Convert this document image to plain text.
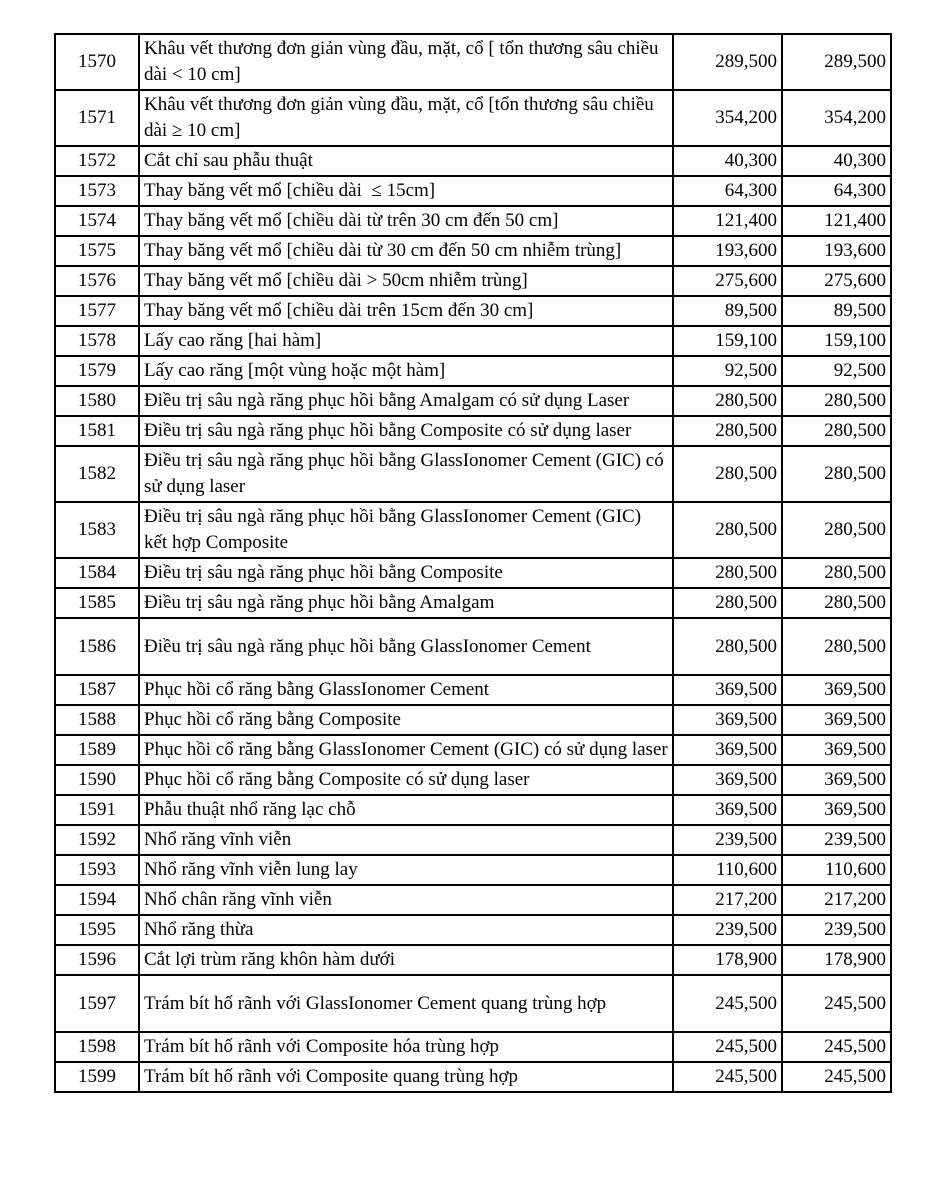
1570	Khâu vết thương đơn giản vùng đầu, mặt, cổ [ tổn thương sâu chiều dài < 10 cm]	289,500	289,500
1571	Khâu vết thương đơn giản vùng đầu, mặt, cổ [tổn thương sâu chiều dài ≥ 10 cm]	354,200	354,200
1572	Cắt chỉ sau phẫu thuật	40,300	40,300
1573	Thay băng vết mổ [chiều dài  ≤ 15cm]	64,300	64,300
1574	Thay băng vết mổ [chiều dài từ trên 30 cm đến 50 cm]	121,400	121,400
1575	Thay băng vết mổ [chiều dài từ 30 cm đến 50 cm nhiễm trùng]	193,600	193,600
1576	Thay băng vết mổ [chiều dài > 50cm nhiễm trùng]	275,600	275,600
1577	Thay băng vết mổ [chiều dài trên 15cm đến 30 cm]	89,500	89,500
1578	Lấy cao răng [hai hàm]	159,100	159,100
1579	Lấy cao răng [một vùng hoặc một hàm]	92,500	92,500
1580	Điều trị sâu ngà răng phục hồi bằng Amalgam có sử dụng Laser	280,500	280,500
1581	Điều trị sâu ngà răng phục hồi bằng Composite có sử dụng laser	280,500	280,500
1582	Điều trị sâu ngà răng phục hồi bằng GlassIonomer Cement (GIC) có sử dụng laser	280,500	280,500
1583	Điều trị sâu ngà răng phục hồi bằng GlassIonomer Cement (GIC) kết hợp Composite	280,500	280,500
1584	Điều trị sâu ngà răng phục hồi bằng Composite	280,500	280,500
1585	Điều trị sâu ngà răng phục hồi bằng Amalgam	280,500	280,500
1586	Điều trị sâu ngà răng phục hồi bằng GlassIonomer Cement	280,500	280,500
1587	Phục hồi cổ răng bằng GlassIonomer Cement	369,500	369,500
1588	Phục hồi cổ răng bằng Composite	369,500	369,500
1589	Phục hồi cổ răng bằng GlassIonomer Cement (GIC) có sử dụng laser	369,500	369,500
1590	Phục hồi cổ răng bằng Composite có sử dụng laser	369,500	369,500
1591	Phẫu thuật nhổ răng lạc chỗ	369,500	369,500
1592	Nhổ răng vĩnh viễn	239,500	239,500
1593	Nhổ răng vĩnh viễn lung lay	110,600	110,600
1594	Nhổ chân răng vĩnh viễn	217,200	217,200
1595	Nhổ răng thừa	239,500	239,500
1596	Cắt lợi trùm răng khôn hàm dưới	178,900	178,900
1597	Trám bít hố rãnh với GlassIonomer Cement quang trùng hợp	245,500	245,500
1598	Trám bít hố rãnh với Composite hóa trùng hợp	245,500	245,500
1599	Trám bít hố rãnh với Composite quang trùng hợp	245,500	245,500
